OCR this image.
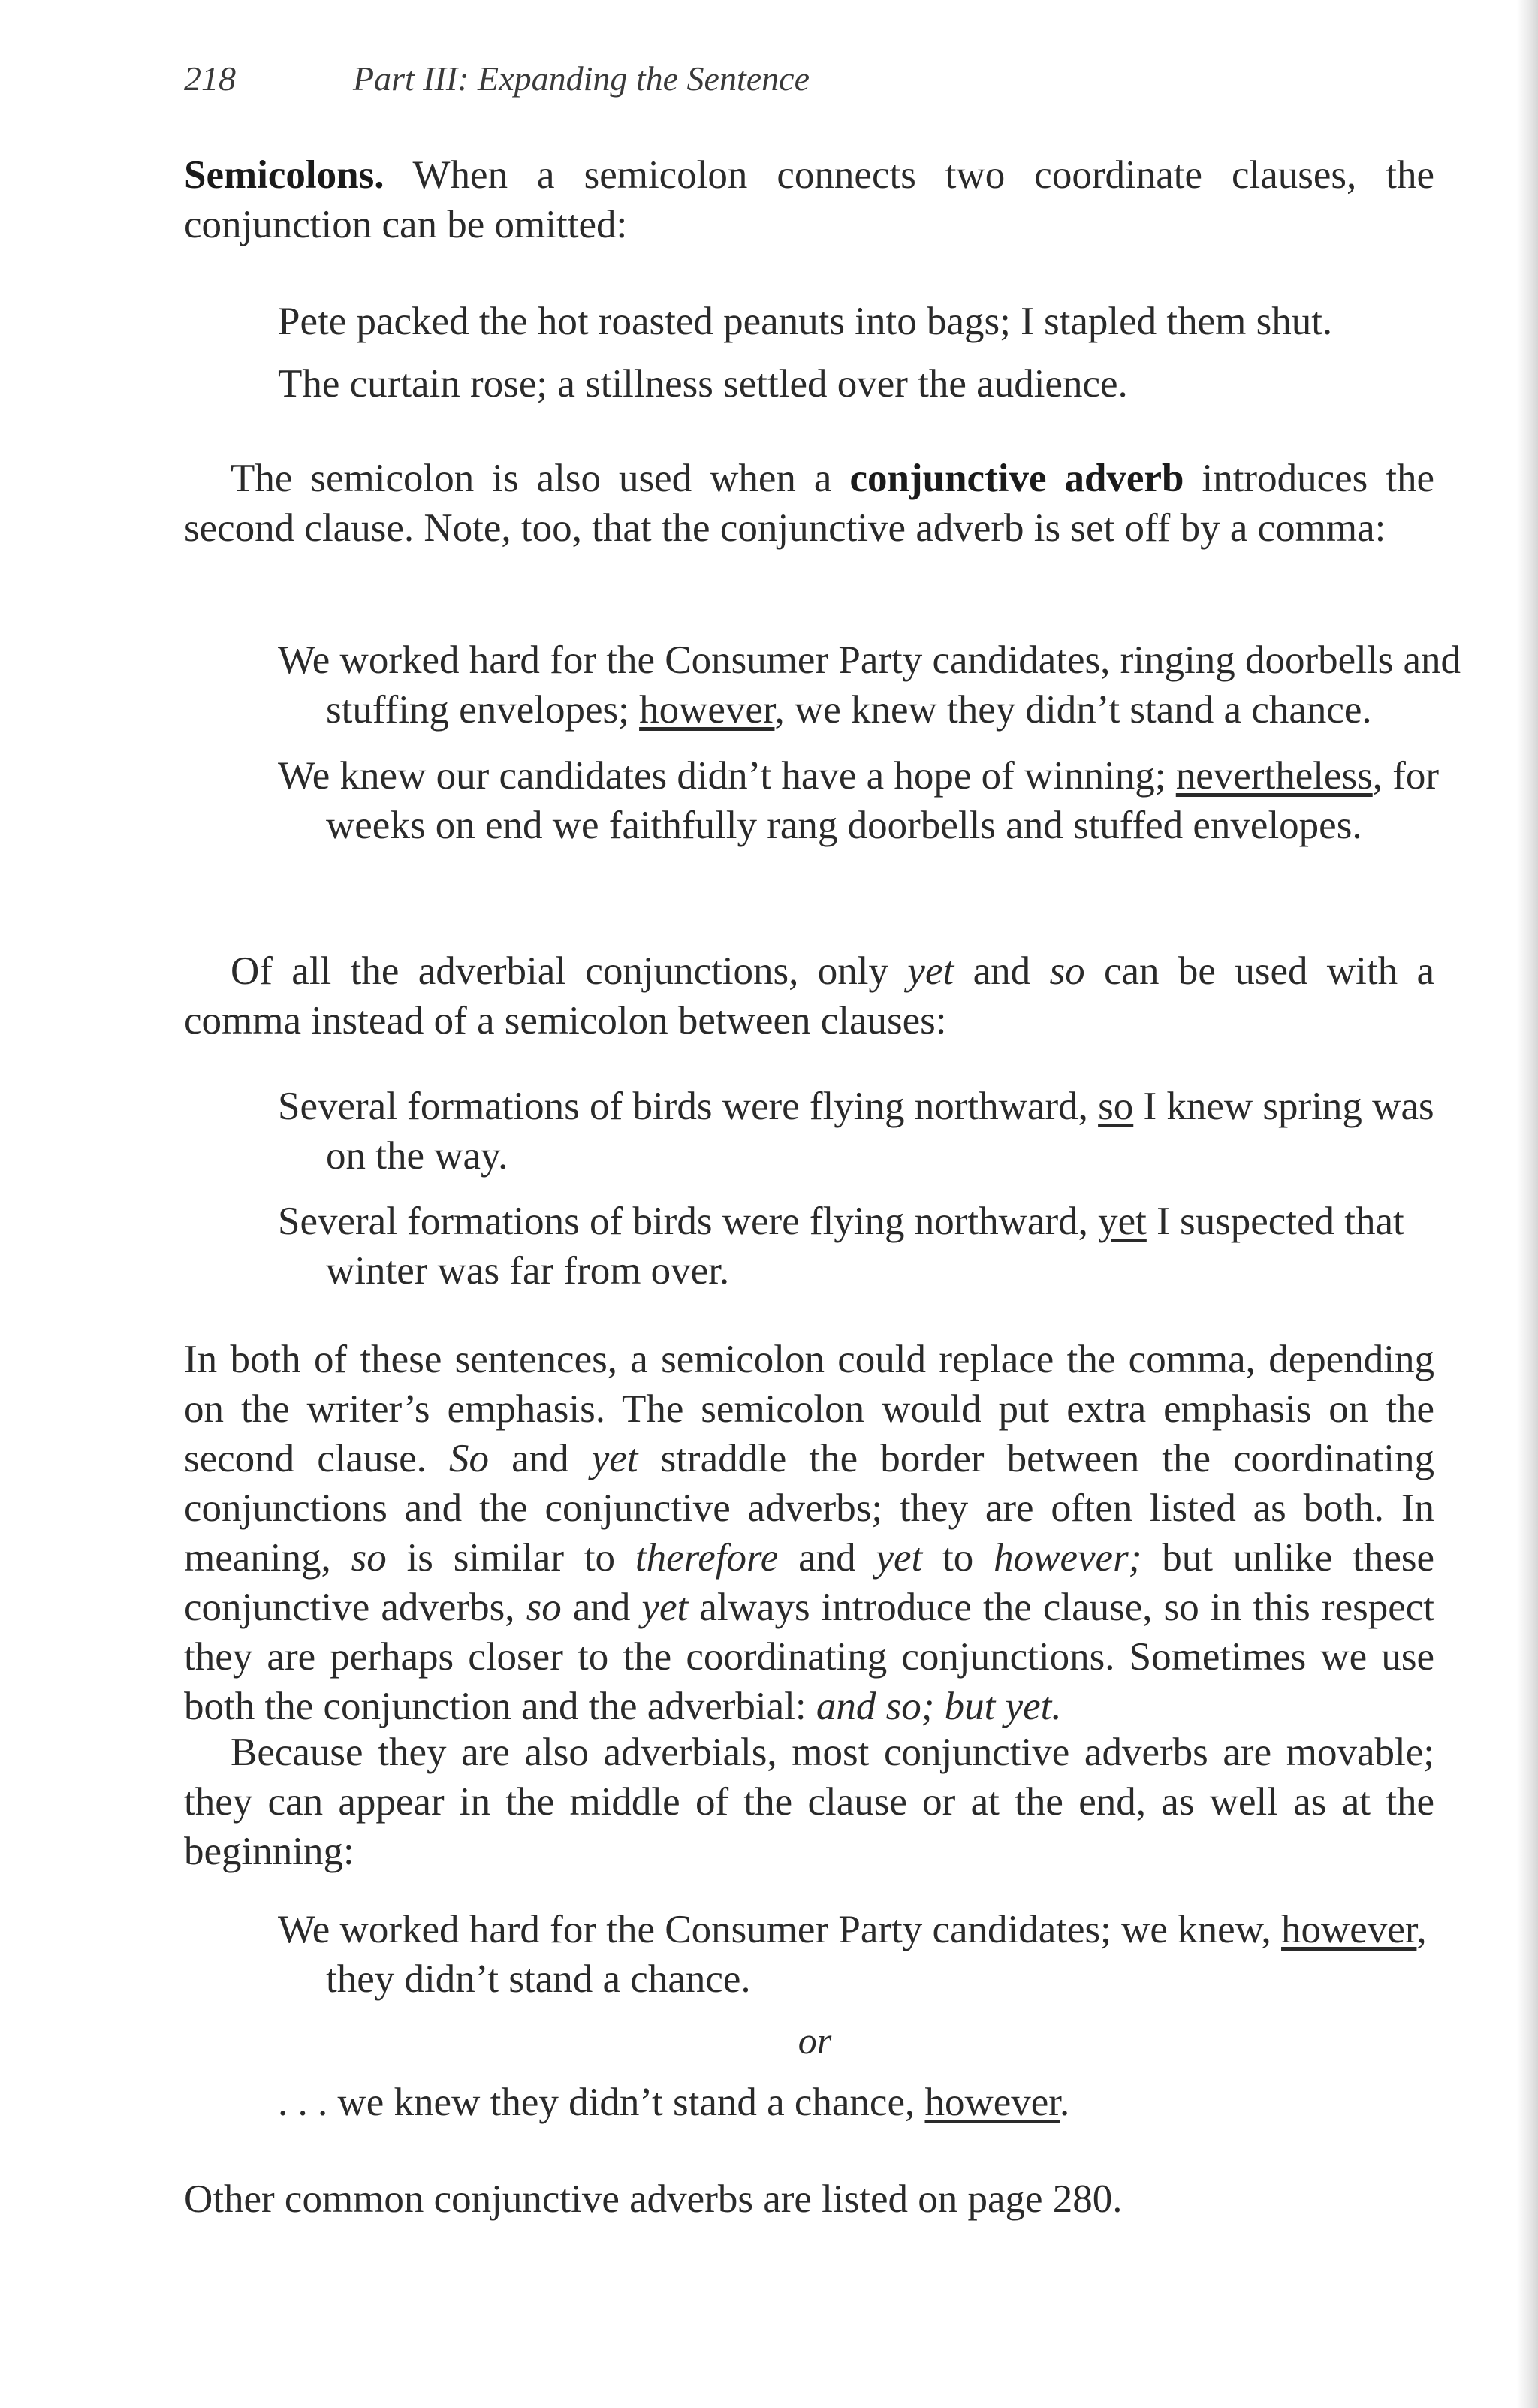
218	Part III: Expanding the Sentence

Semicolons. When a semicolon connects two coordinate clauses, the conjunction can be omitted:

Pete packed the hot roasted peanuts into bags; I stapled them shut.

The curtain rose; a stillness settled over the audience.

The semicolon is also used when a conjunctive adverb introduces the second clause. Note, too, that the conjunctive adverb is set off by a comma:

We worked hard for the Consumer Party candidates, ringing doorbells and stuffing envelopes; however, we knew they didn’t stand a chance.

We knew our candidates didn’t have a hope of winning; nevertheless, for weeks on end we faithfully rang doorbells and stuffed envelopes.

Of all the adverbial conjunctions, only yet and so can be used with a comma instead of a semicolon between clauses:

Several formations of birds were flying northward, so I knew spring was on the way.

Several formations of birds were flying northward, yet I suspected that winter was far from over.

In both of these sentences, a semicolon could replace the comma, depending on the writer’s emphasis. The semicolon would put extra emphasis on the second clause. So and yet straddle the border between the coordinating conjunctions and the conjunctive adverbs; they are often listed as both. In meaning, so is similar to therefore and yet to however; but unlike these conjunctive adverbs, so and yet always introduce the clause, so in this respect they are perhaps closer to the coordinating conjunctions. Sometimes we use both the conjunction and the adverbial: and so; but yet.

Because they are also adverbials, most conjunctive adverbs are movable; they can appear in the middle of the clause or at the end, as well as at the beginning:

We worked hard for the Consumer Party candidates; we knew, however, they didn’t stand a chance.

or

. . . we knew they didn’t stand a chance, however.

Other common conjunctive adverbs are listed on page 280.
